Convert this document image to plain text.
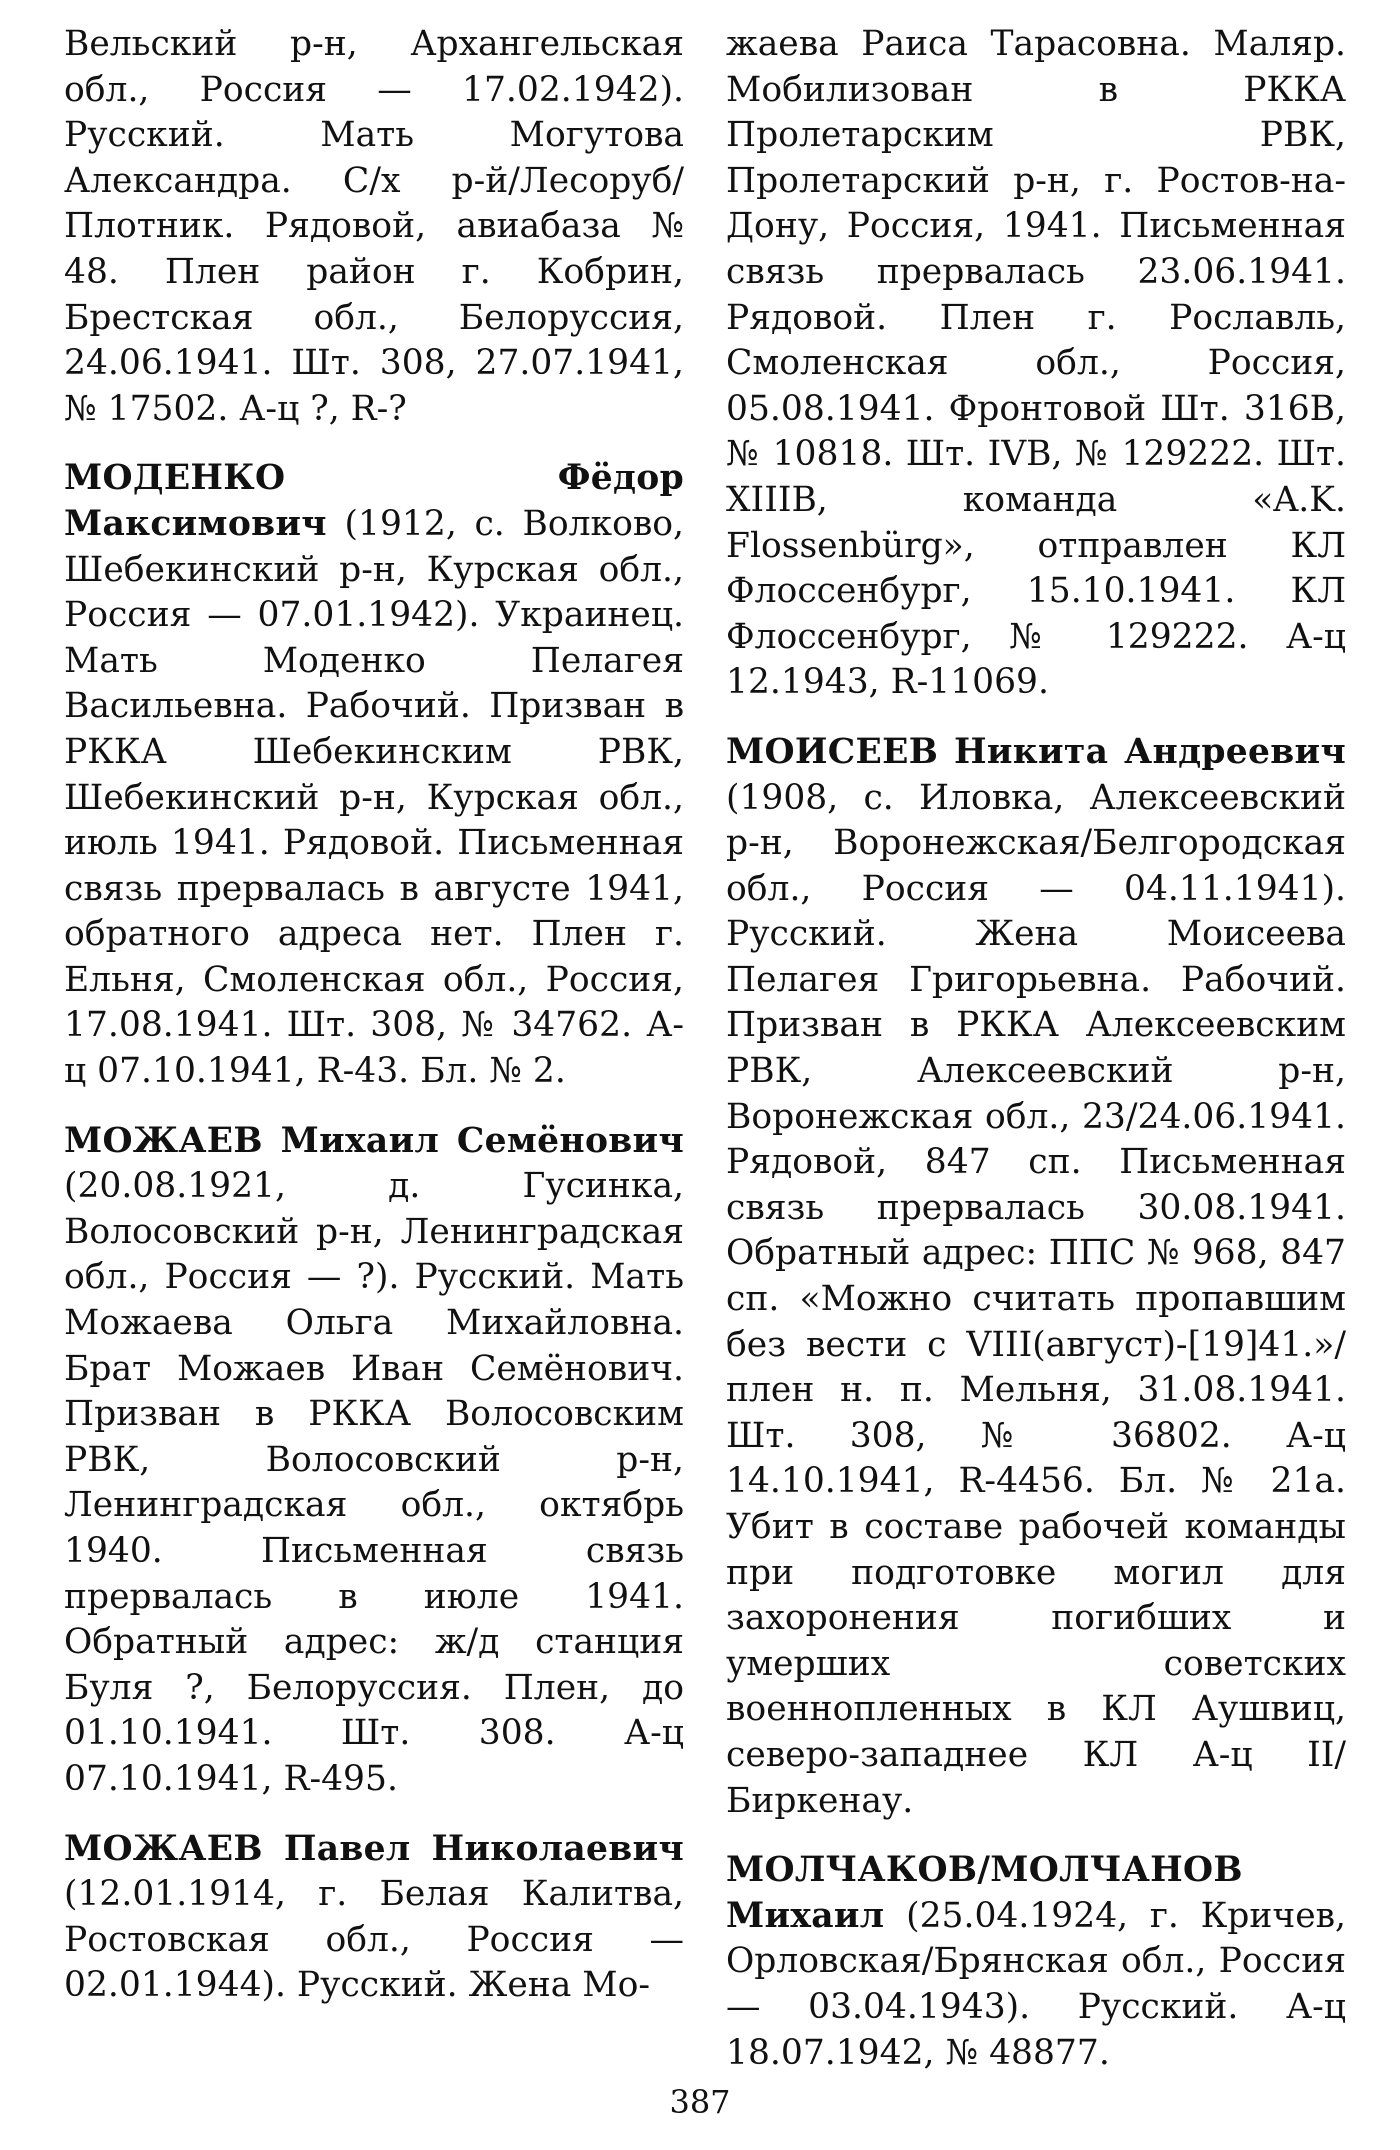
Вельский р-н, Архангельская обл., Россия — 17.02.1942). Русский. Мать Могутова Александра. С/х р-й/Лесоруб/Плотник. Рядовой, авиабаза № 48. Плен район г. Кобрин, Брестская обл., Белоруссия, 24.06.1941. Шт. 308, 27.07.1941, № 17502. А-ц ?, R-?

МОДЕНКО Фёдор Максимович (1912, с. Волково, Шебекинский р-н, Курская обл., Россия — 07.01.1942). Украинец. Мать Моденко Пелагея Васильевна. Рабочий. Призван в РККА Шебекинским РВК, Шебекинский р-н, Курская обл., июль 1941. Рядовой. Письменная связь прервалась в августе 1941, обратного адреса нет. Плен г. Ельня, Смоленская обл., Россия, 17.08.1941. Шт. 308, № 34762. А-ц 07.10.1941, R-43. Бл. № 2.

МОЖАЕВ Михаил Семёнович (20.08.1921, д. Гусинка, Волосовский р-н, Ленинградская обл., Россия — ?). Русский. Мать Можаева Ольга Михайловна. Брат Можаев Иван Семёнович. Призван в РККА Волосовским РВК, Волосовский р-н, Ленинградская обл., октябрь 1940. Письменная связь прервалась в июле 1941. Обратный адрес: ж/д станция Буля ?, Белоруссия. Плен, до 01.10.1941. Шт. 308. А-ц 07.10.1941, R-495.

МОЖАЕВ Павел Николаевич (12.01.1914, г. Белая Калитва, Ростовская обл., Россия — 02.01.1944). Русский. Жена Мо-

жаева Раиса Тарасовна. Маляр. Мобилизован в РККА Пролетарским РВК, Пролетарский р-н, г. Ростов-на-Дону, Россия, 1941. Письменная связь прервалась 23.06.1941. Рядовой. Плен г. Рославль, Смоленская обл., Россия, 05.08.1941. Фронтовой Шт. 316B, № 10818. Шт. IVB, № 129222. Шт. XIIIB, команда «A.K. Flossenbürg», отправлен КЛ Флоссенбург, 15.10.1941. КЛ Флоссенбург, № 129222. А-ц 12.1943, R-11069.

МОИСЕЕВ Никита Андреевич (1908, с. Иловка, Алексеевский р-н, Воронежская/Белгородская обл., Россия — 04.11.1941). Русский. Жена Моисеева Пелагея Григорьевна. Рабочий. Призван в РККА Алексеевским РВК, Алексеевский р-н, Воронежская обл., 23/24.06.1941. Рядовой, 847 сп. Письменная связь прервалась 30.08.1941. Обратный адрес: ППС № 968, 847 сп. «Можно считать пропавшим без вести с VIII(август)-[19]41.»/плен н. п. Мельня, 31.08.1941. Шт. 308, № 36802. А-ц 14.10.1941, R-4456. Бл. № 21а. Убит в составе рабочей команды при подготовке могил для захоронения погибших и умерших советских военнопленных в КЛ Аушвиц, северо-западнее КЛ А-ц II/Биркенау.

МОЛЧАКОВ/МОЛЧАНОВ Михаил (25.04.1924, г. Кричев, Орловская/Брянская обл., Россия — 03.04.1943). Русский. А-ц 18.07.1942, № 48877.

387
